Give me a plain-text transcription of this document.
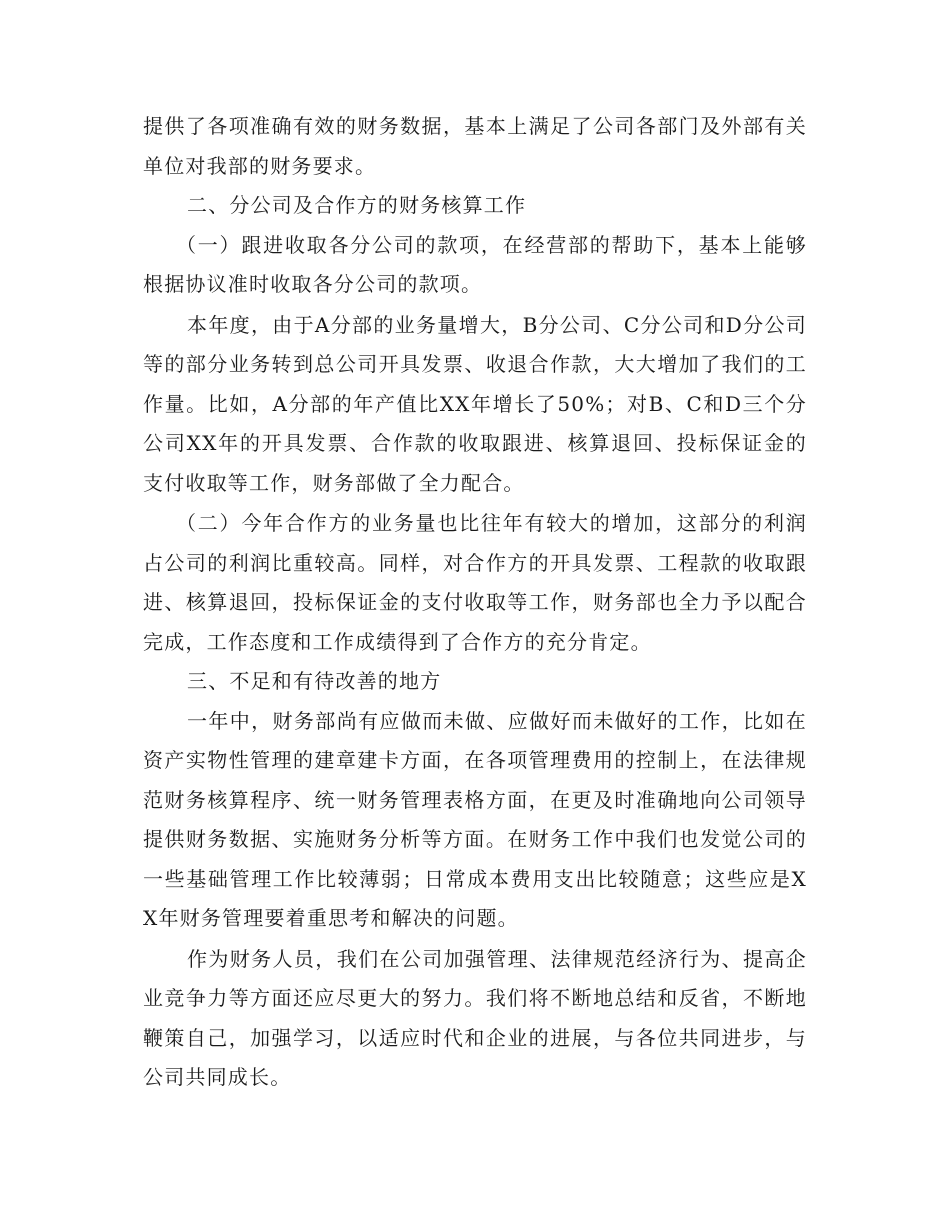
提供了各项准确有效的财务数据，基本上满足了公司各部门及外部有关单位对我部的财务要求。

二、分公司及合作方的财务核算工作

（一）跟进收取各分公司的款项，在经营部的帮助下，基本上能够根据协议准时收取各分公司的款项。

本年度，由于A分部的业务量增大，B分公司、C分公司和D分公司等的部分业务转到总公司开具发票、收退合作款，大大增加了我们的工作量。比如，A分部的年产值比XX年增长了50%；对B、C和D三个分公司XX年的开具发票、合作款的收取跟进、核算退回、投标保证金的支付收取等工作，财务部做了全力配合。

（二）今年合作方的业务量也比往年有较大的增加，这部分的利润占公司的利润比重较高。同样，对合作方的开具发票、工程款的收取跟进、核算退回，投标保证金的支付收取等工作，财务部也全力予以配合完成，工作态度和工作成绩得到了合作方的充分肯定。

三、不足和有待改善的地方

一年中，财务部尚有应做而未做、应做好而未做好的工作，比如在资产实物性管理的建章建卡方面，在各项管理费用的控制上，在法律规范财务核算程序、统一财务管理表格方面，在更及时准确地向公司领导提供财务数据、实施财务分析等方面。在财务工作中我们也发觉公司的一些基础管理工作比较薄弱；日常成本费用支出比较随意；这些应是XX年财务管理要着重思考和解决的问题。

作为财务人员，我们在公司加强管理、法律规范经济行为、提高企业竞争力等方面还应尽更大的努力。我们将不断地总结和反省，不断地鞭策自己，加强学习，以适应时代和企业的进展，与各位共同进步，与公司共同成长。
